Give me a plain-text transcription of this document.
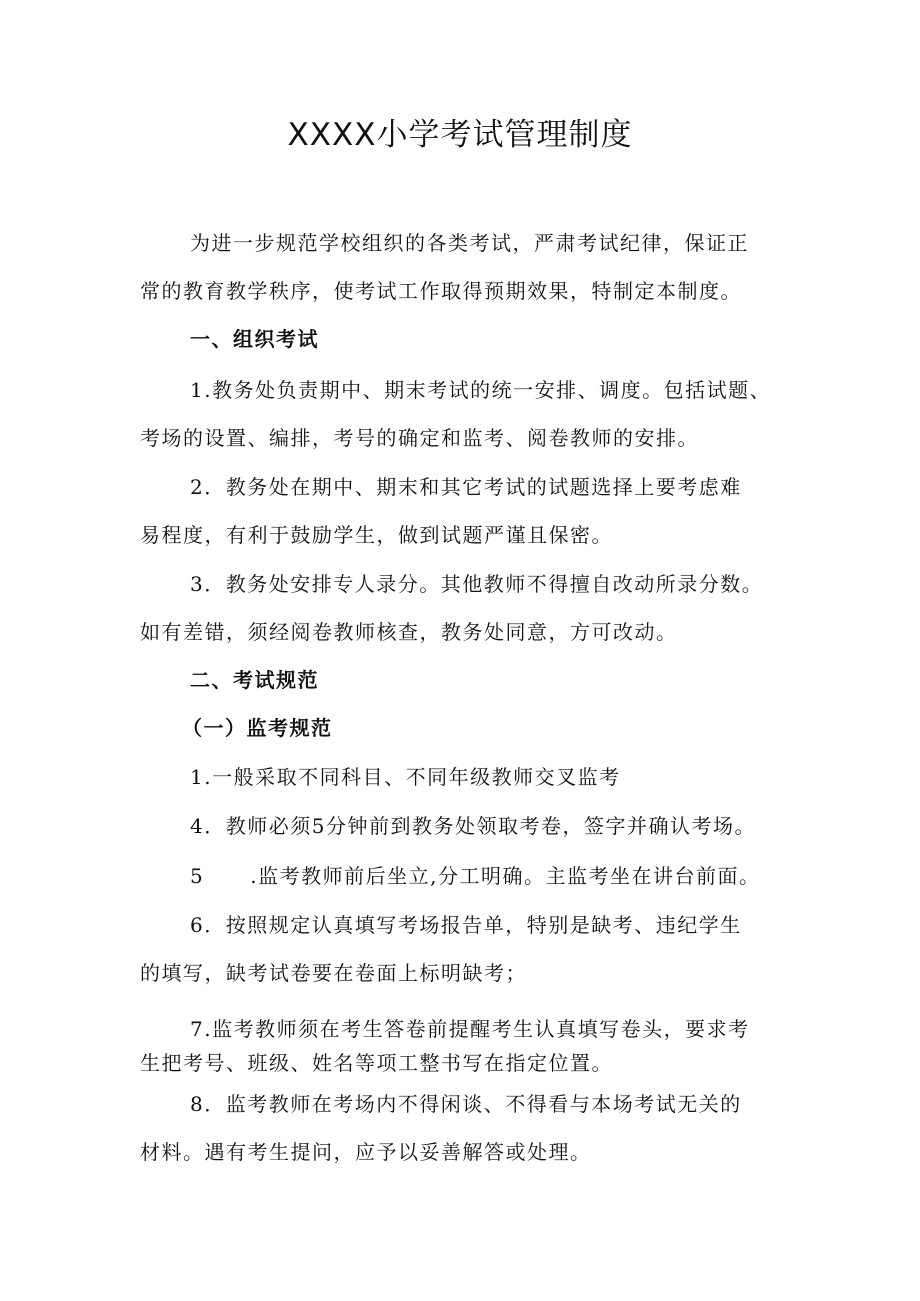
XXXX小学考试管理制度
为进一步规范学校组织的各类考试，严肃考试纪律，保证正
常的教育教学秩序，使考试工作取得预期效果，特制定本制度。
一、组织考试
1.教务处负责期中、期末考试的统一安排、调度。包括试题、
考场的设置、编排，考号的确定和监考、阅卷教师的安排。
2．教务处在期中、期末和其它考试的试题选择上要考虑难
易程度，有利于鼓励学生，做到试题严谨且保密。
3．教务处安排专人录分。其他教师不得擅自改动所录分数。
如有差错，须经阅卷教师核查，教务处同意，方可改动。
二、考试规范
（一）监考规范

1.一般采取不同科目、不同年级教师交叉监考

4．教师必须5分钟前到教务处领取考卷，签字并确认考场。

5 .监考教师前后坐立,分工明确。主监考坐在讲台前面。

6．按照规定认真填写考场报告单，特别是缺考、违纪学生
的填写，缺考试卷要在卷面上标明缺考；
7.监考教师须在考生答卷前提醒考生认真填写卷头，要求考
生把考号、班级、姓名等项工整书写在指定位置。
8．监考教师在考场内不得闲谈、不得看与本场考试无关的
材料。遇有考生提问，应予以妥善解答或处理。
